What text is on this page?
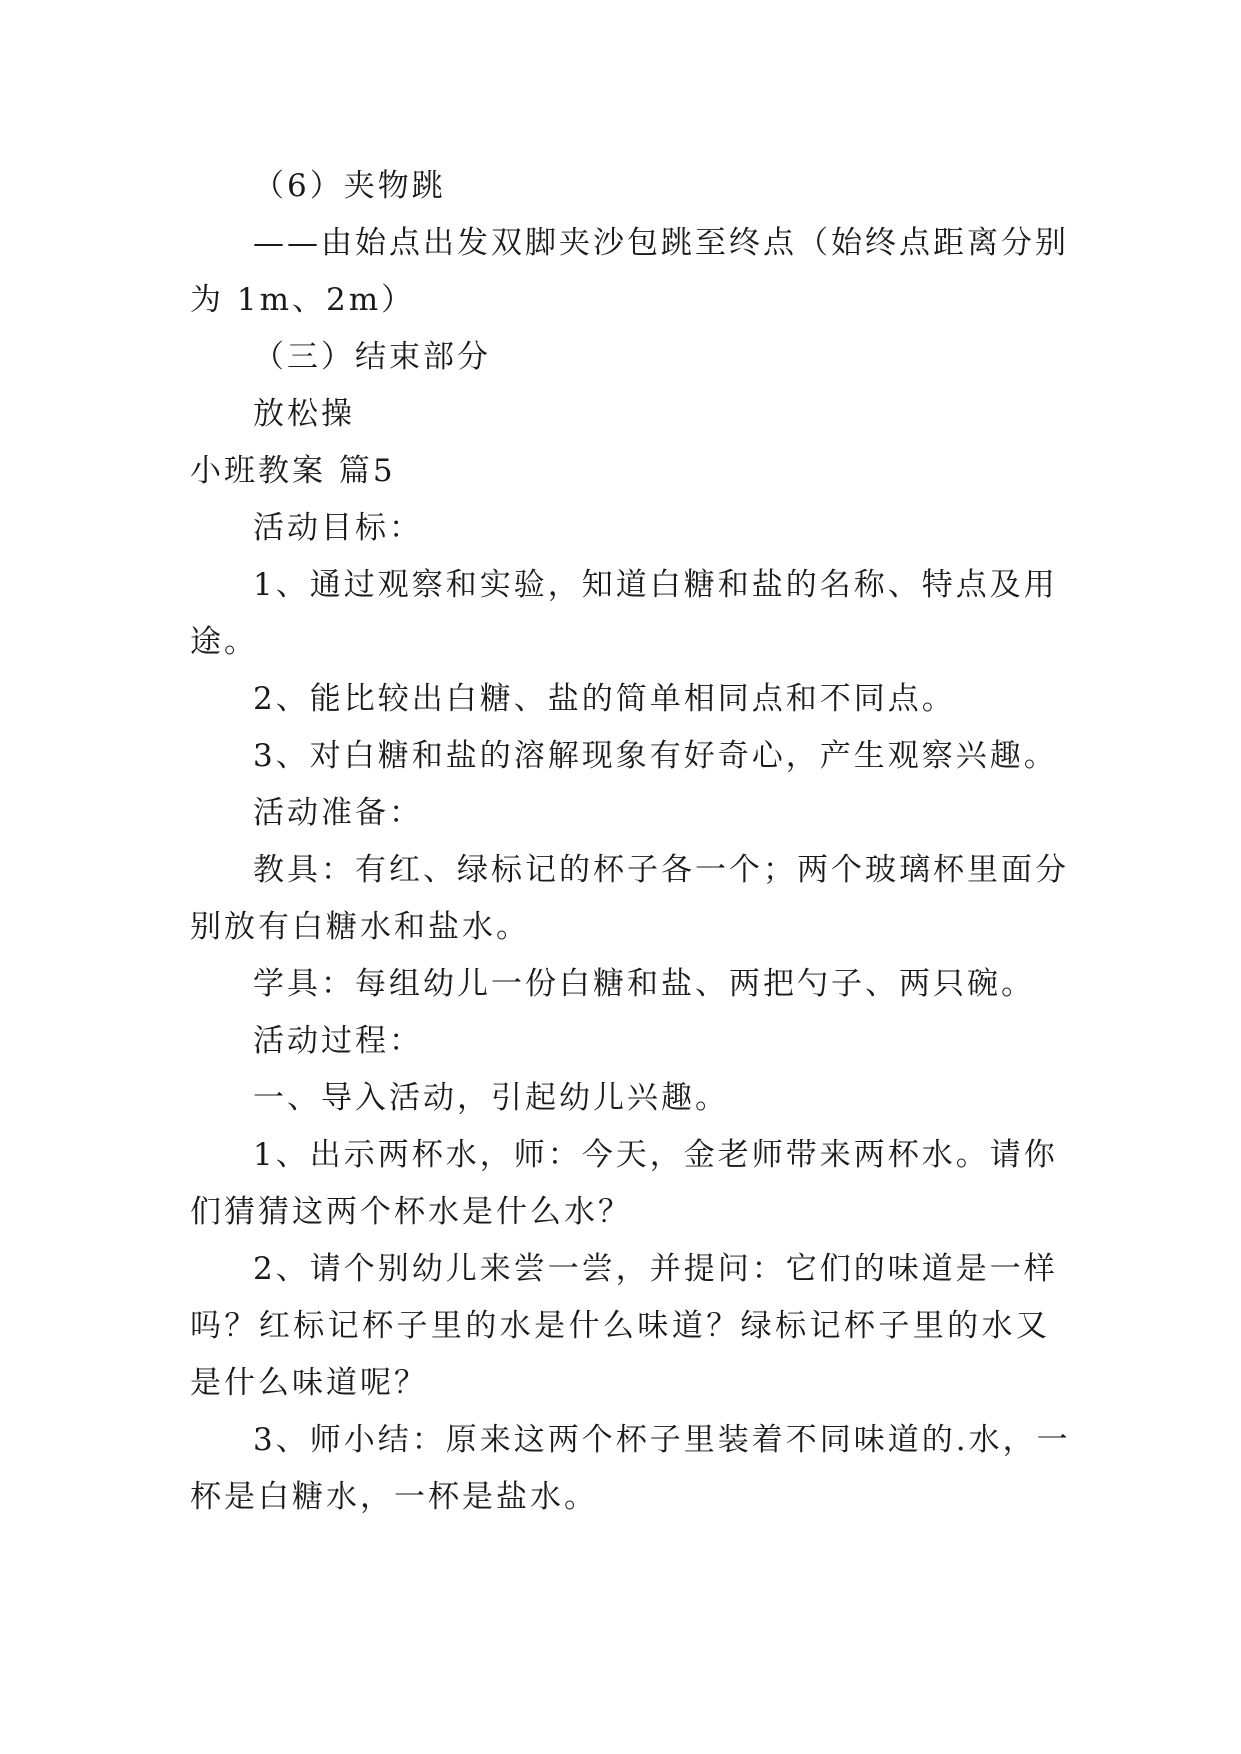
（6）夹物跳
——由始点出发双脚夹沙包跳至终点（始终点距离分别
为 1m、2m）
（三）结束部分
放松操
小班教案 篇5
活动目标：
1、通过观察和实验，知道白糖和盐的名称、特点及用
途。
2、能比较出白糖、盐的简单相同点和不同点。
3、对白糖和盐的溶解现象有好奇心，产生观察兴趣。
活动准备：
教具：有红、绿标记的杯子各一个；两个玻璃杯里面分
别放有白糖水和盐水。
学具：每组幼儿一份白糖和盐、两把勺子、两只碗。
活动过程：
一、导入活动，引起幼儿兴趣。
1、出示两杯水，师：今天，金老师带来两杯水。请你
们猜猜这两个杯水是什么水？
2、请个别幼儿来尝一尝，并提问：它们的味道是一样
吗？红标记杯子里的水是什么味道？绿标记杯子里的水又
是什么味道呢？
3、师小结：原来这两个杯子里装着不同味道的.水，一
杯是白糖水，一杯是盐水。
